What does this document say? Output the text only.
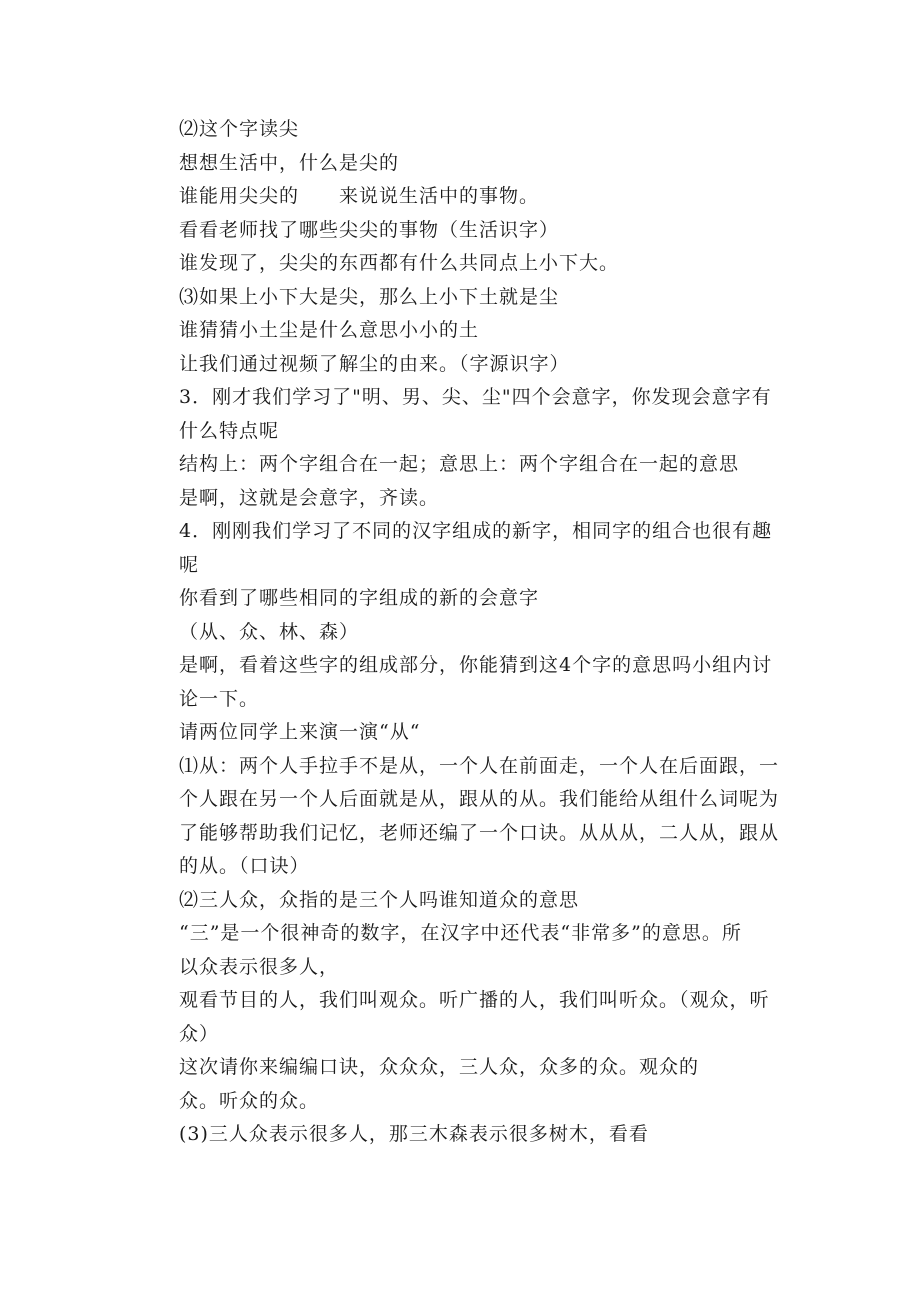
⑵这个字读尖

想想生活中，什么是尖的

谁能用尖尖的　　来说说生活中的事物。

看看老师找了哪些尖尖的事物（生活识字）

谁发现了，尖尖的东西都有什么共同点上小下大。

⑶如果上小下大是尖，那么上小下土就是尘

谁猜猜小土尘是什么意思小小的土

让我们通过视频了解尘的由来。（字源识字）

3．刚才我们学习了"明、男、尖、尘"四个会意字，你发现会意字有

什么特点呢

结构上：两个字组合在一起；意思上：两个字组合在一起的意思

是啊，这就是会意字，齐读。

4．刚刚我们学习了不同的汉字组成的新字，相同字的组合也很有趣

呢

你看到了哪些相同的字组成的新的会意字

（从、众、林、森）

是啊，看着这些字的组成部分，你能猜到这4个字的意思吗小组内讨

论一下。

请两位同学上来演一演“从“

⑴从：两个人手拉手不是从，一个人在前面走，一个人在后面跟，一

个人跟在另一个人后面就是从，跟从的从。我们能给从组什么词呢为

了能够帮助我们记忆，老师还编了一个口诀。从从从，二人从，跟从

的从。（口诀）

⑵三人众，众指的是三个人吗谁知道众的意思

“三”是一个很神奇的数字，在汉字中还代表“非常多”的意思。所

以众表示很多人，

观看节目的人，我们叫观众。听广播的人，我们叫听众。（观众，听

众）

这次请你来编编口诀，众众众，三人众，众多的众。观众的

众。听众的众。

(3)三人众表示很多人，那三木森表示很多树木，看看
